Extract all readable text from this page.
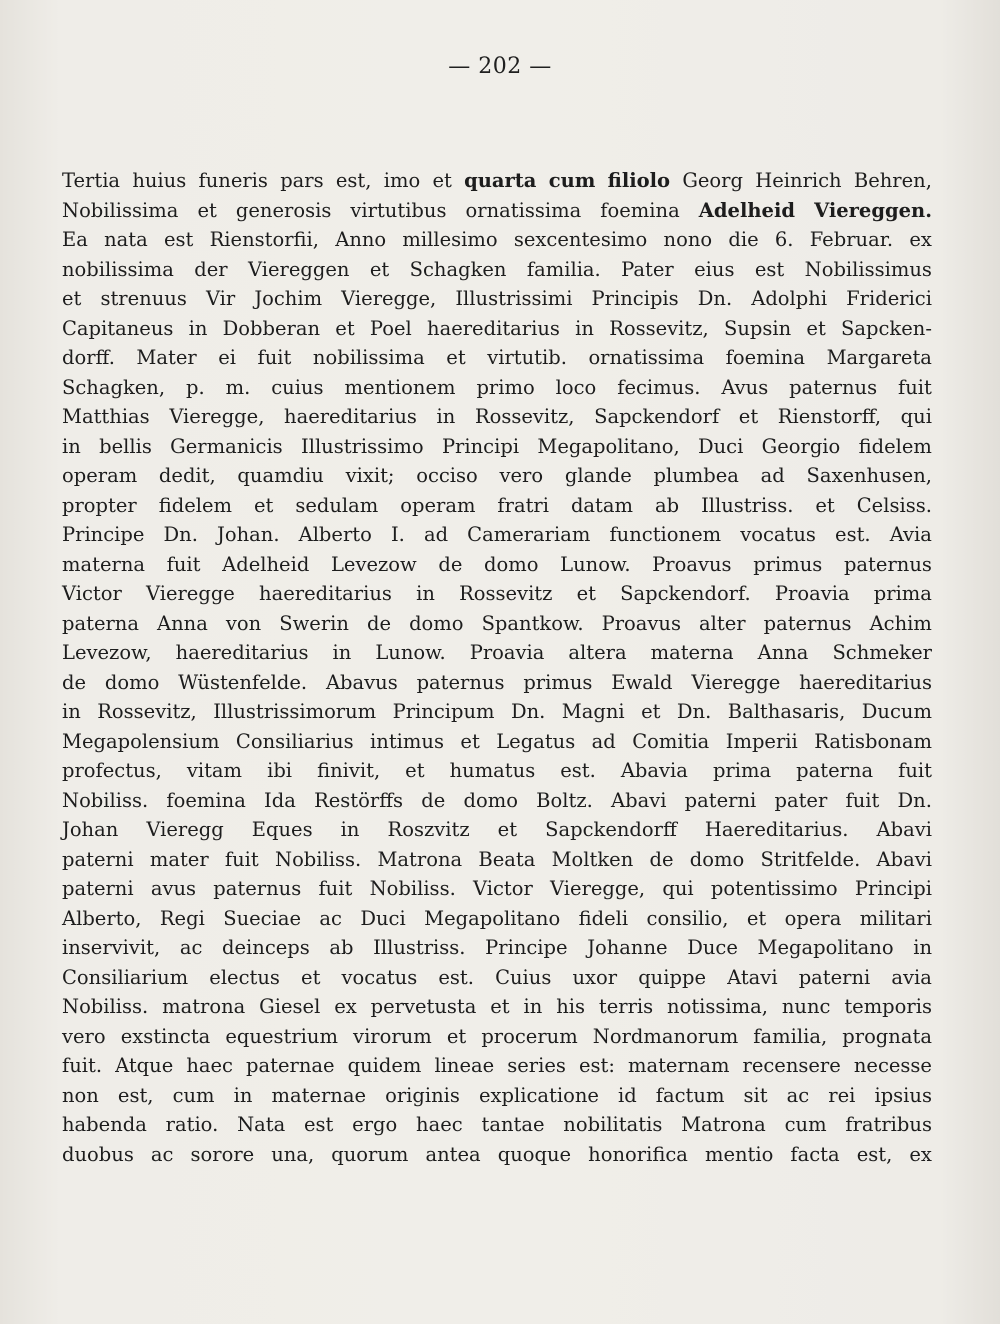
— 202 —
Tertia huius funeris pars est, imo et quarta cum filiolo Georg Heinrich Behren,
Nobilissima et generosis virtutibus ornatissima foemina Adelheid Viereggen.
Ea nata est Rienstorfii, Anno millesimo sexcentesimo nono die 6. Februar. ex
nobilissima der Viereggen et Schagken familia. Pater eius est Nobilissimus
et strenuus Vir Jochim Vieregge, Illustrissimi Principis Dn. Adolphi Friderici
Capitaneus in Dobberan et Poel haereditarius in Rossevitz, Supsin et Sapcken-
dorff. Mater ei fuit nobilissima et virtutib. ornatissima foemina Margareta
Schagken, p. m. cuius mentionem primo loco fecimus. Avus paternus fuit
Matthias Vieregge, haereditarius in Rossevitz, Sapckendorf et Rienstorff, qui
in bellis Germanicis Illustrissimo Principi Megapolitano, Duci Georgio fidelem
operam dedit, quamdiu vixit; occiso vero glande plumbea ad Saxenhusen,
propter fidelem et sedulam operam fratri datam ab Illustriss. et Celsiss.
Principe Dn. Johan. Alberto I. ad Camerariam functionem vocatus est. Avia
materna fuit Adelheid Levezow de domo Lunow. Proavus primus paternus
Victor Vieregge haereditarius in Rossevitz et Sapckendorf. Proavia prima
paterna Anna von Swerin de domo Spantkow. Proavus alter paternus Achim
Levezow, haereditarius in Lunow. Proavia altera materna Anna Schmeker
de domo Wüstenfelde. Abavus paternus primus Ewald Vieregge haereditarius
in Rossevitz, Illustrissimorum Principum Dn. Magni et Dn. Balthasaris, Ducum
Megapolensium Consiliarius intimus et Legatus ad Comitia Imperii Ratisbonam
profectus, vitam ibi finivit, et humatus est. Abavia prima paterna fuit
Nobiliss. foemina Ida Restörffs de domo Boltz. Abavi paterni pater fuit Dn.
Johan Vieregg Eques in Roszvitz et Sapckendorff Haereditarius. Abavi
paterni mater fuit Nobiliss. Matrona Beata Moltken de domo Stritfelde. Abavi
paterni avus paternus fuit Nobiliss. Victor Vieregge, qui potentissimo Principi
Alberto, Regi Sueciae ac Duci Megapolitano fideli consilio, et opera militari
inservivit, ac deinceps ab Illustriss. Principe Johanne Duce Megapolitano in
Consiliarium electus et vocatus est. Cuius uxor quippe Atavi paterni avia
Nobiliss. matrona Giesel ex pervetusta et in his terris notissima, nunc temporis
vero exstincta equestrium virorum et procerum Nordmanorum familia, prognata
fuit. Atque haec paternae quidem lineae series est: maternam recensere necesse
non est, cum in maternae originis explicatione id factum sit ac rei ipsius
habenda ratio. Nata est ergo haec tantae nobilitatis Matrona cum fratribus
duobus ac sorore una, quorum antea quoque honorifica mentio facta est, ex
